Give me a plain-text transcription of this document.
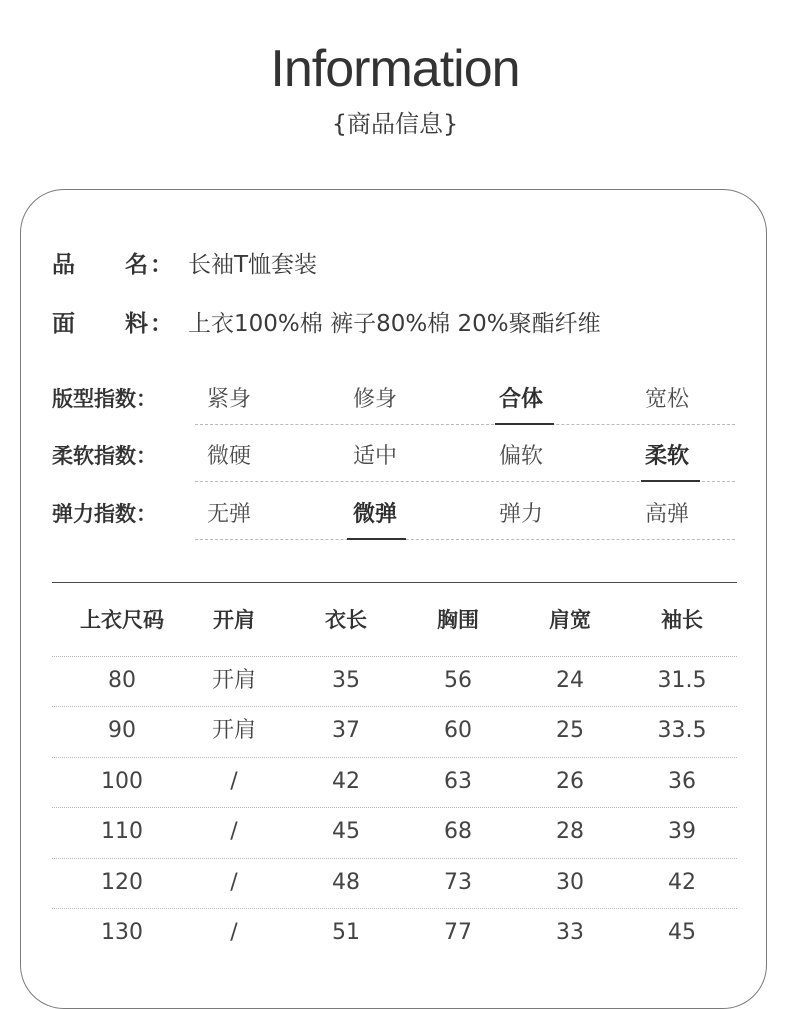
Information
{商品信息}
品 名 ： 长袖T恤套装
面 料 ： 上衣100%棉 裤子80%棉 20%聚酯纤维
版型指数： 紧身	修身	合体	宽松
柔软指数： 微硬	适中	偏软	柔软
弹力指数： 无弹	微弹	弹力	高弹
上衣尺码	开肩	衣长	胸围	肩宽	袖长
80	开肩	35	56	24	31.5
90	开肩	37	60	25	33.5
100	/	42	63	26	36
110	/	45	68	28	39
120	/	48	73	30	42
130	/	51	77	33	45
